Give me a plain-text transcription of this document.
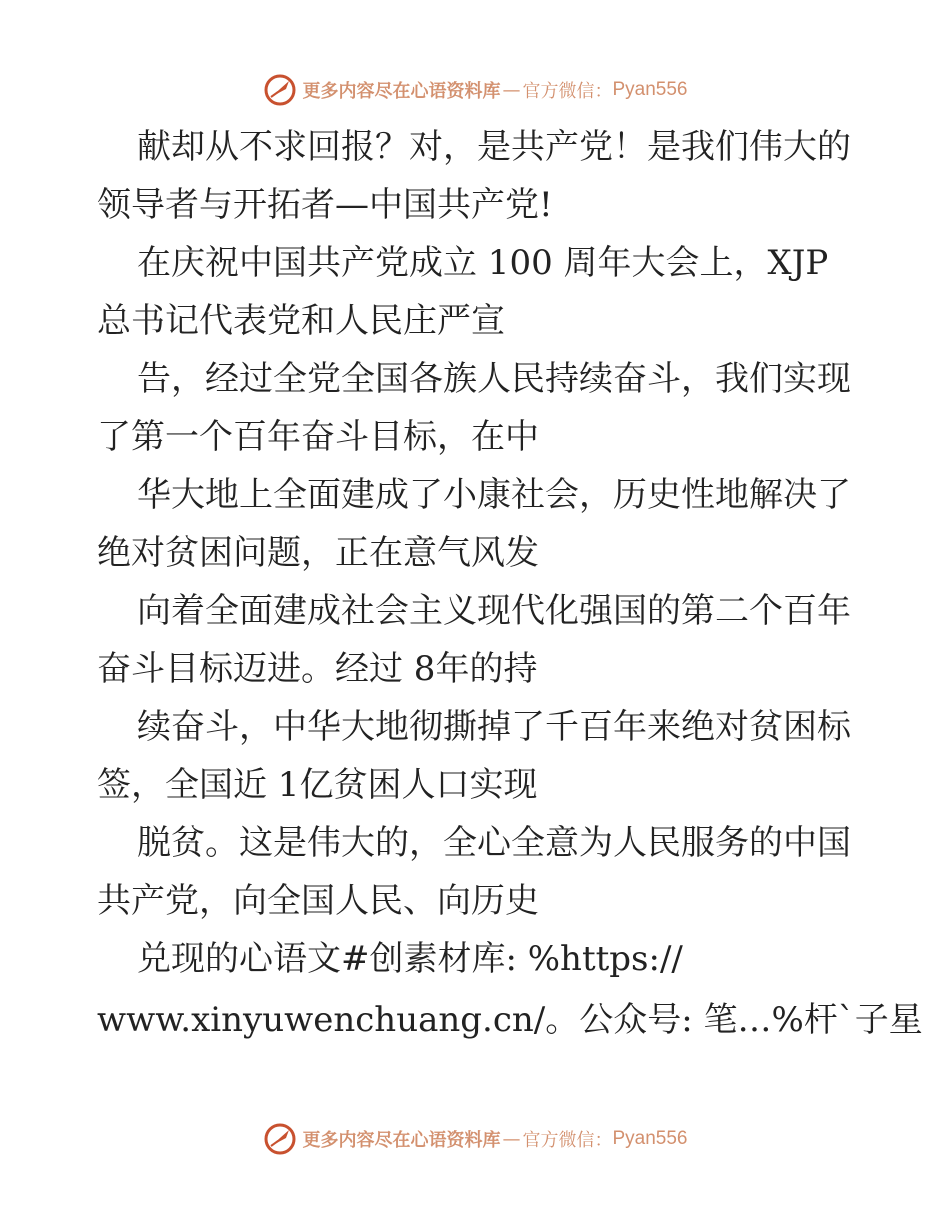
更多内容尽在心语资料库 — 官方微信： Pyan556
献却从不求回报？对，是共产党！是我们伟大的
领导者与开拓者—中国共产党!
在庆祝中国共产党成立 100 周年大会上，XJP
总书记代表党和人民庄严宣
告，经过全党全国各族人民持续奋斗，我们实现
了第一个百年奋斗目标，在中
华大地上全面建成了小康社会，历史性地解决了
绝对贫困问题，正在意气风发
向着全面建成社会主义现代化强国的第二个百年
奋斗目标迈进。经过 8年的持
续奋斗，中华大地彻撕掉了千百年来绝对贫困标
签，全国近 1亿贫困人口实现
脱贫。这是伟大的，全心全意为人民服务的中国
共产党，向全国人民、向历史
兑现的心语文#创素材库: %https://
www.xinyuwenchuang.cn/。公众号: 笔…%杆`子星
更多内容尽在心语资料库 — 官方微信： Pyan556
